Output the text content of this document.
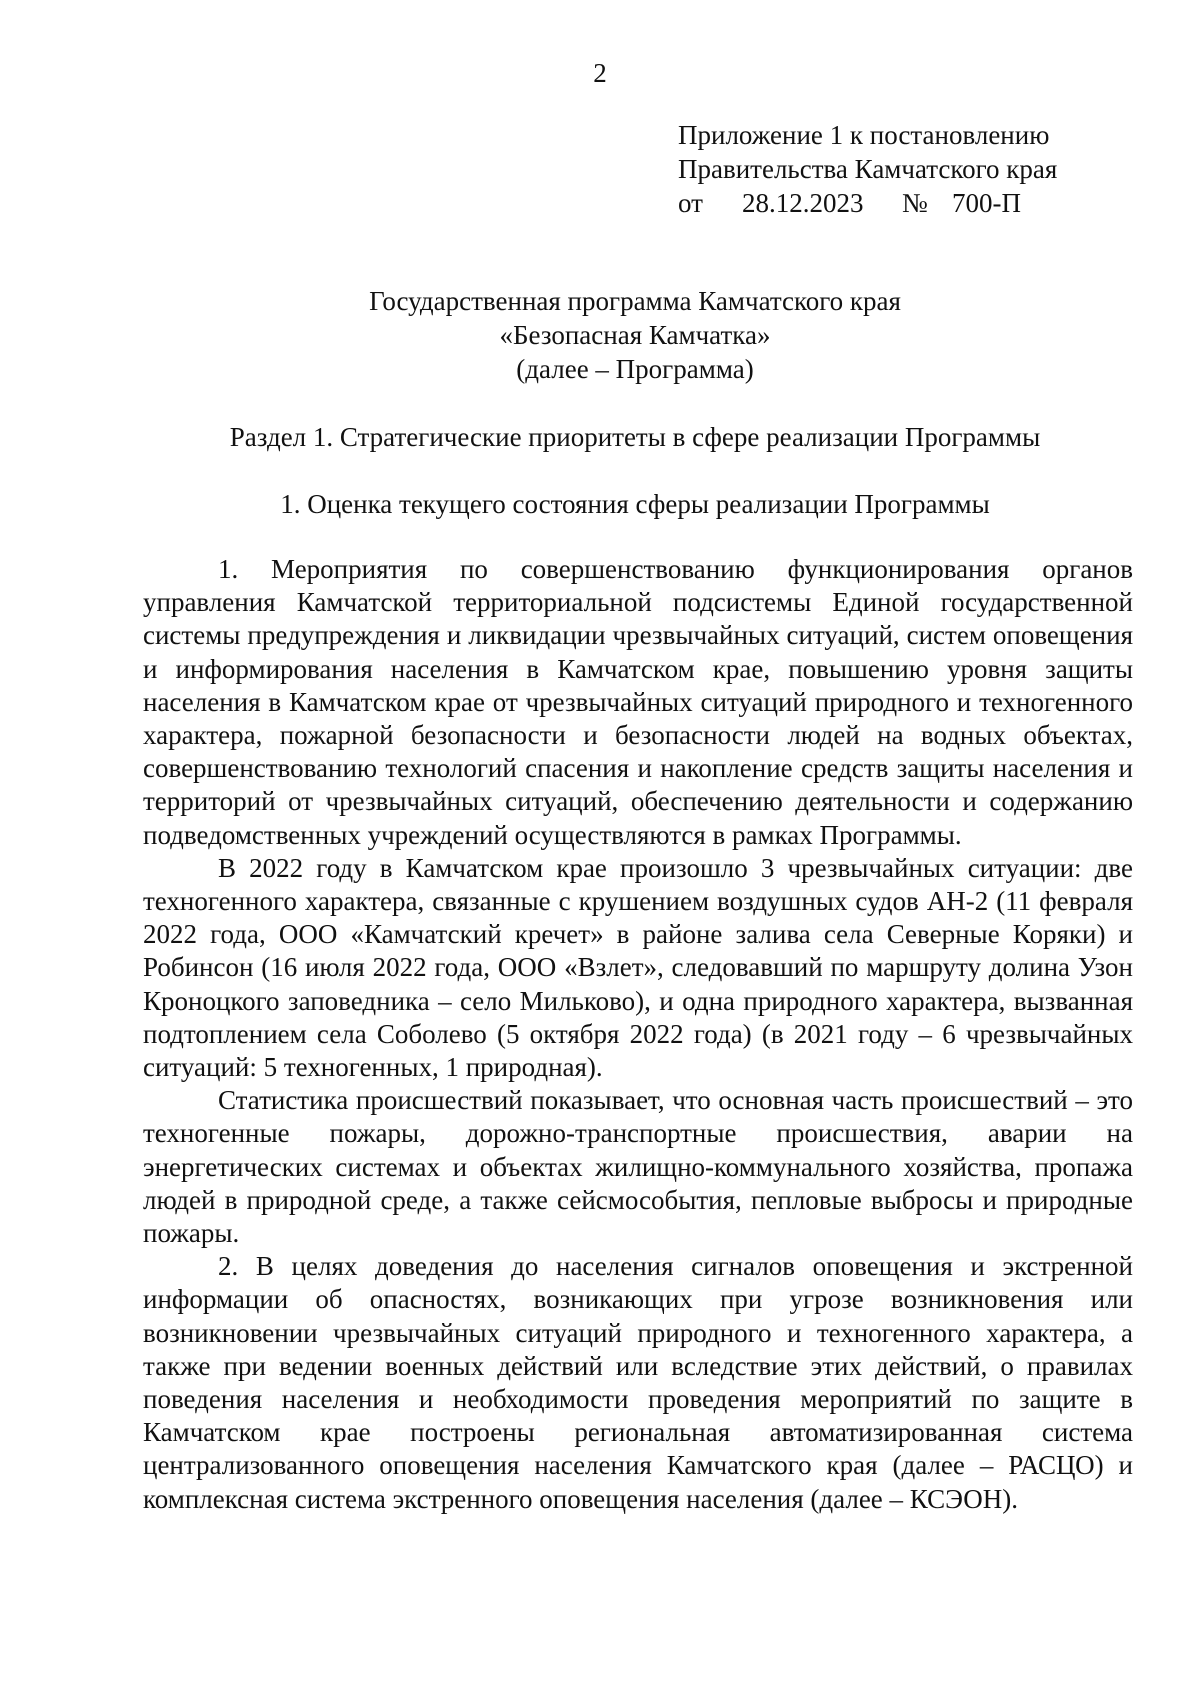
2
Приложение 1 к постановлению
Правительства Камчатского края
от	28.12.2023	№ 700-П
Государственная программа Камчатского края
«Безопасная Камчатка»
(далее – Программа)
Раздел 1. Стратегические приоритеты в сфере реализации Программы
1. Оценка текущего состояния сферы реализации Программы

1. Мероприятия по совершенствованию функционирования органов управления Камчатской территориальной подсистемы Единой государственной системы предупреждения и ликвидации чрезвычайных ситуаций, систем оповещения и информирования населения в Камчатском крае, повышению уровня защиты населения в Камчатском крае от чрезвычайных ситуаций природного и техногенного характера, пожарной безопасности и безопасности людей на водных объектах, совершенствованию технологий спасения и накопление средств защиты населения и территорий от чрезвычайных ситуаций, обеспечению деятельности и содержанию подведомственных учреждений осуществляются в рамках Программы.

В 2022 году в Камчатском крае произошло 3 чрезвычайных ситуации: две техногенного характера, связанные с крушением воздушных судов АН-2 (11 февраля 2022 года, ООО «Камчатский кречет» в районе залива села Северные Коряки) и Робинсон (16 июля 2022 года, ООО «Взлет», следовавший по маршруту долина Узон Кроноцкого заповедника – село Мильково), и одна природного характера, вызванная подтоплением села Соболево (5 октября 2022 года) (в 2021 году – 6 чрезвычайных ситуаций: 5 техногенных, 1 природная).

Статистика происшествий показывает, что основная часть происшествий – это техногенные пожары, дорожно-транспортные происшествия, аварии на энергетических системах и объектах жилищно-коммунального хозяйства, пропажа людей в природной среде, а также сейсмособытия, пепловые выбросы и природные пожары.

2. В целях доведения до населения сигналов оповещения и экстренной информации об опасностях, возникающих при угрозе возникновения или возникновении чрезвычайных ситуаций природного и техногенного характера, а также при ведении военных действий или вследствие этих действий, о правилах поведения населения и необходимости проведения мероприятий по защите в Камчатском крае построены региональная автоматизированная система централизованного оповещения населения Камчатского края (далее – РАСЦО) и комплексная система экстренного оповещения населения (далее – КСЭОН).
